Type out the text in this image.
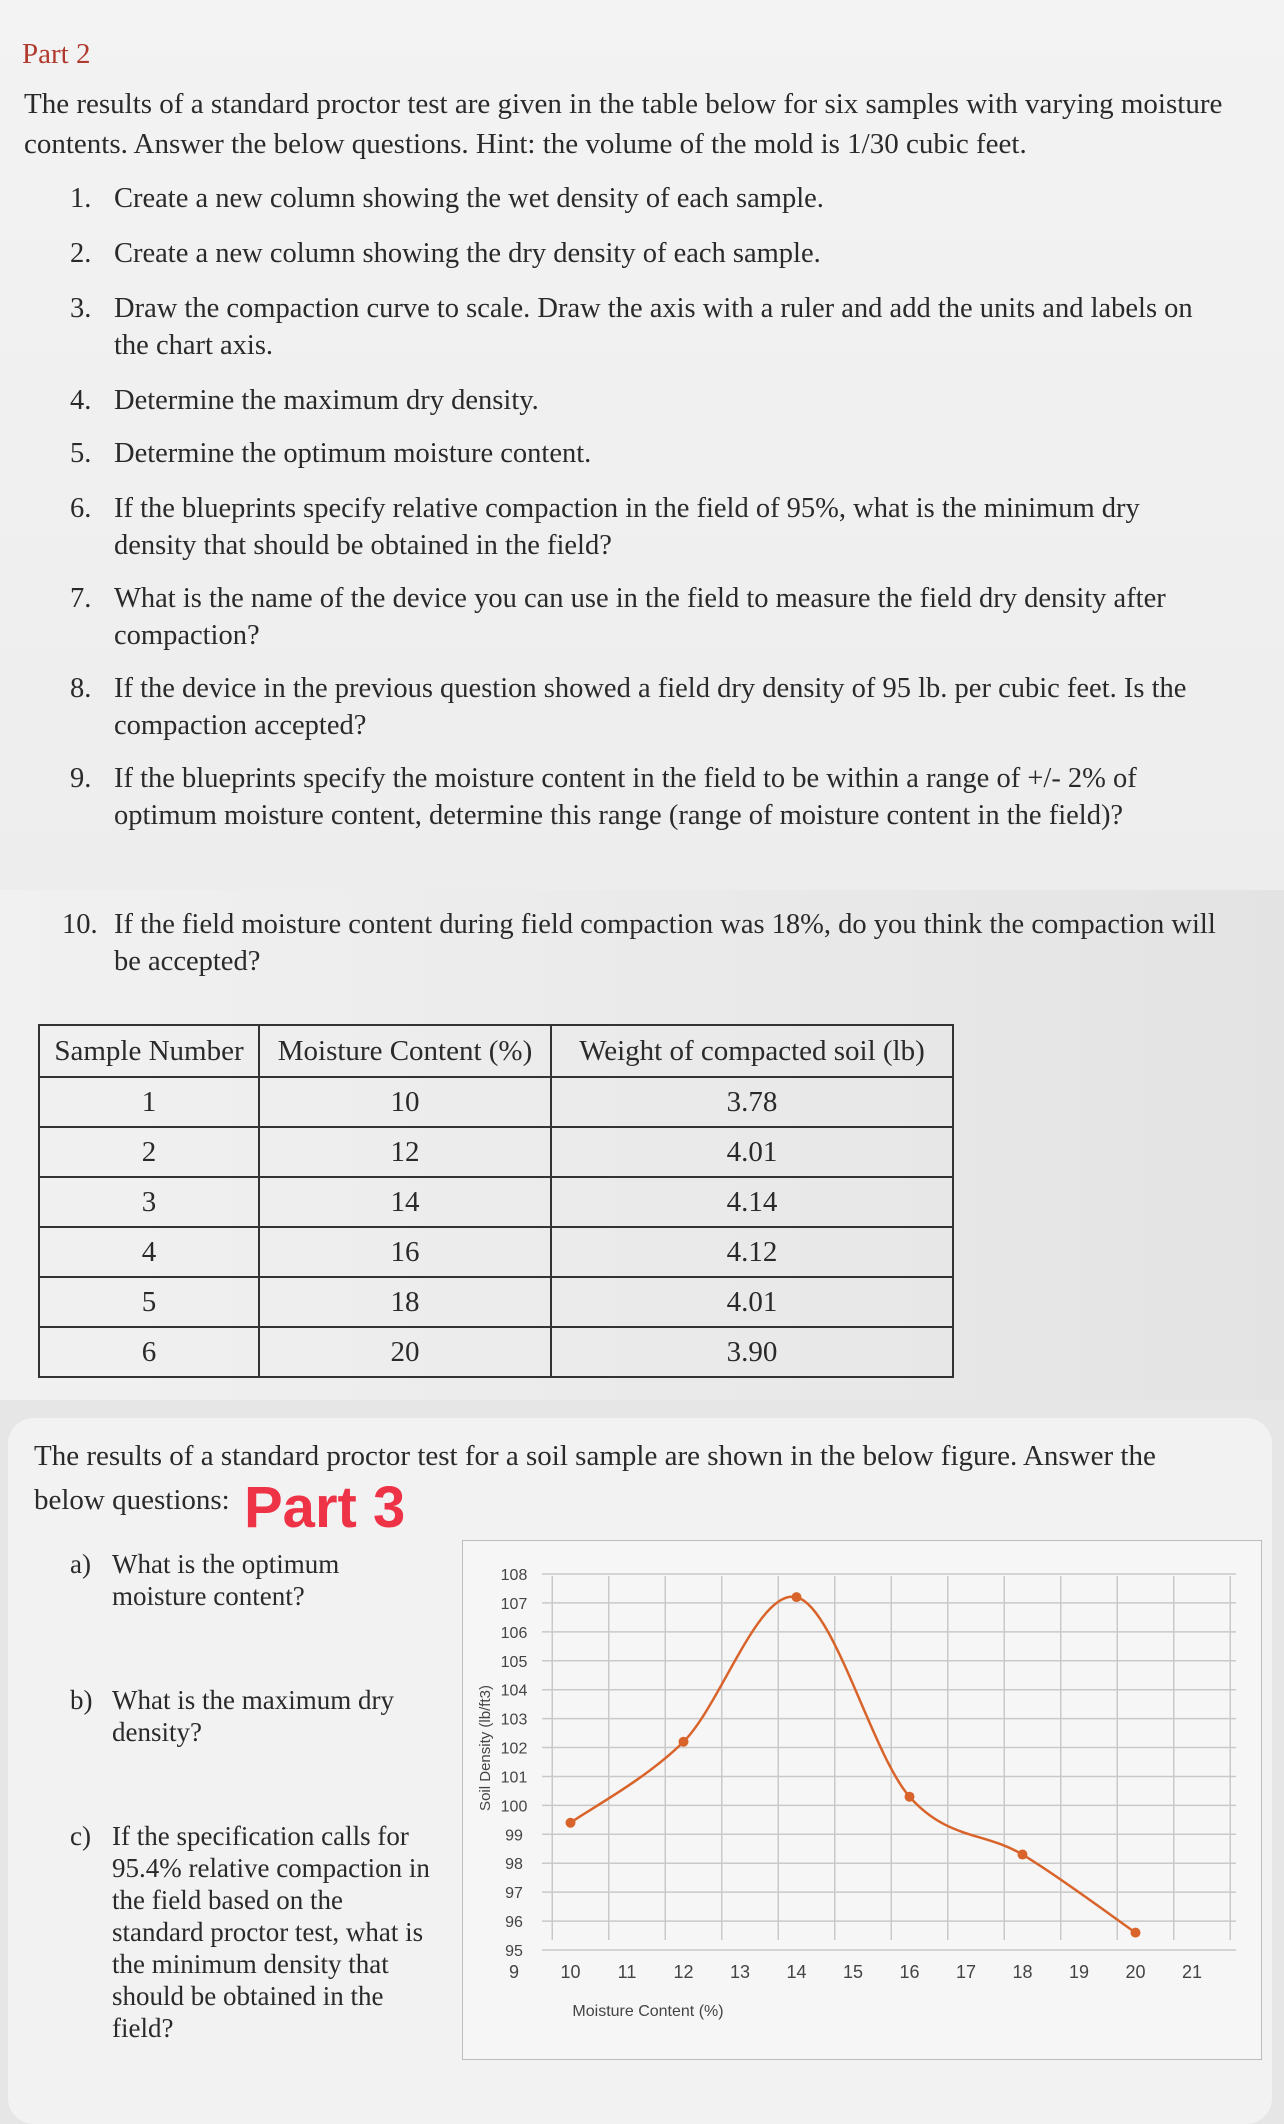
Part 2
The results of a standard proctor test are given in the table below for six samples with varying moisture contents. Answer the below questions. Hint: the volume of the mold is 1/30 cubic feet.
1. Create a new column showing the wet density of each sample.
2. Create a new column showing the dry density of each sample.
3. Draw the compaction curve to scale. Draw the axis with a ruler and add the units and labels on the chart axis.
4. Determine the maximum dry density.
5. Determine the optimum moisture content.
6. If the blueprints specify relative compaction in the field of 95%, what is the minimum dry density that should be obtained in the field?
7. What is the name of the device you can use in the field to measure the field dry density after compaction?
8. If the device in the previous question showed a field dry density of 95 lb. per cubic feet. Is the compaction accepted?
9. If the blueprints specify the moisture content in the field to be within a range of +/- 2% of optimum moisture content, determine this range (range of moisture content in the field)?
10. If the field moisture content during field compaction was 18%, do you think the compaction will be accepted?
Sample Number	Moisture Content (%)	Weight of compacted soil (lb)
1	10	3.78
2	12	4.01
3	14	4.14
4	16	4.12
5	18	4.01
6	20	3.90
The results of a standard proctor test for a soil sample are shown in the below figure. Answer the below questions: Part 3
a) What is the optimum moisture content?
b) What is the maximum dry density?
c) If the specification calls for 95.4% relative compaction in the field based on the standard proctor test, what is the minimum density that should be obtained in the field?
95
96
97
98
99
100
101
102
103
104
105
106
107
108
9 10 11 12 13 14 15 16 17 18 19 20 21
Moisture Content (%)
Soil Density (lb/ft3)
